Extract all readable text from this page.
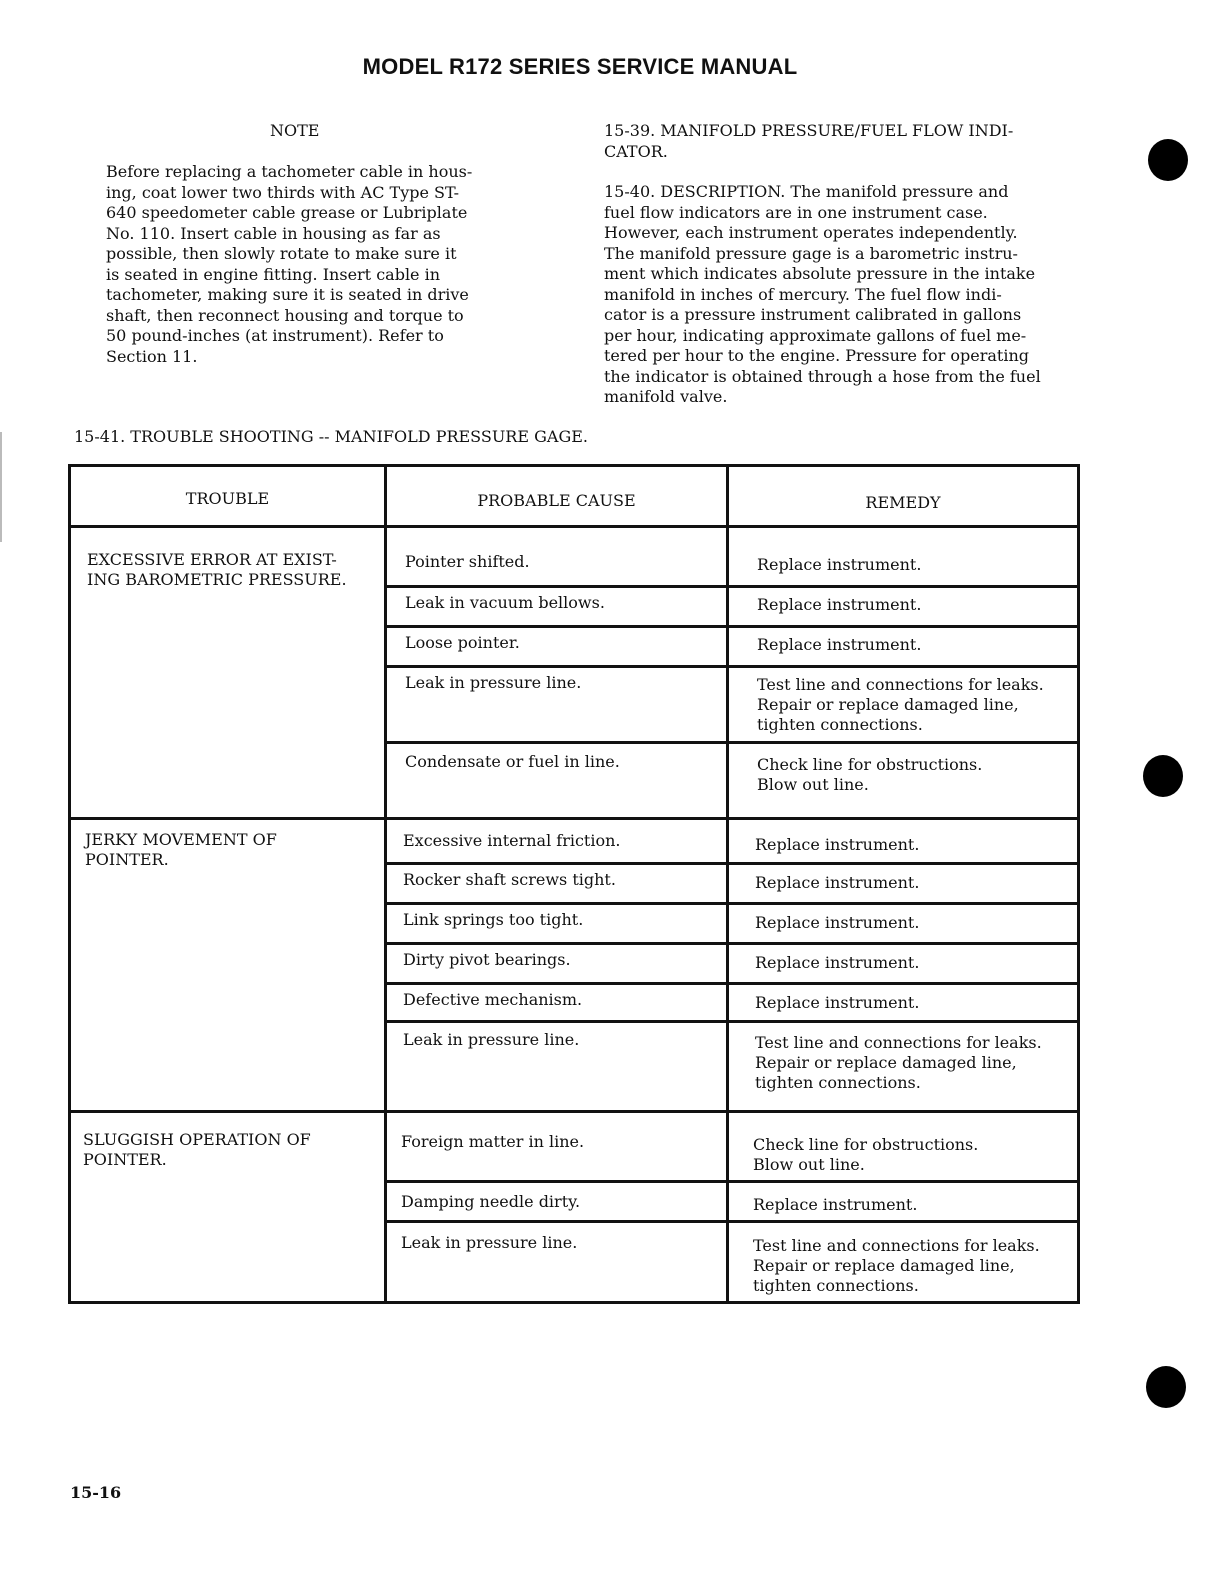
MODEL R172 SERIES SERVICE MANUAL
NOTE
Before replacing a tachometer cable in hous-
ing, coat lower two thirds with AC Type ST-
640 speedometer cable grease or Lubriplate
No. 110. Insert cable in housing as far as
possible, then slowly rotate to make sure it
is seated in engine fitting. Insert cable in
tachometer, making sure it is seated in drive
shaft, then reconnect housing and torque to
50 pound-inches (at instrument). Refer to
Section 11.
15-39. MANIFOLD PRESSURE/FUEL FLOW INDI-
CATOR.
15-40. DESCRIPTION. The manifold pressure and
fuel flow indicators are in one instrument case.
However, each instrument operates independently.
The manifold pressure gage is a barometric instru-
ment which indicates absolute pressure in the intake
manifold in inches of mercury. The fuel flow indi-
cator is a pressure instrument calibrated in gallons
per hour, indicating approximate gallons of fuel me-
tered per hour to the engine. Pressure for operating
the indicator is obtained through a hose from the fuel
manifold valve.
15-41. TROUBLE SHOOTING -- MANIFOLD PRESSURE GAGE.
TROUBLE	PROBABLE CAUSE	REMEDY
EXCESSIVE ERROR AT EXIST-
ING BAROMETRIC PRESSURE.
Pointer shifted.	Replace instrument.
Leak in vacuum bellows.	Replace instrument.
Loose pointer.	Replace instrument.
Leak in pressure line.	Test line and connections for leaks.
Repair or replace damaged line,
tighten connections.
Condensate or fuel in line.	Check line for obstructions.
Blow out line.
JERKY MOVEMENT OF
POINTER.
Excessive internal friction.	Replace instrument.
Rocker shaft screws tight.	Replace instrument.
Link springs too tight.	Replace instrument.
Dirty pivot bearings.	Replace instrument.
Defective mechanism.	Replace instrument.
Leak in pressure line.	Test line and connections for leaks.
Repair or replace damaged line,
tighten connections.
SLUGGISH OPERATION OF
POINTER.
Foreign matter in line.	Check line for obstructions.
Blow out line.
Damping needle dirty.	Replace instrument.
Leak in pressure line.	Test line and connections for leaks.
Repair or replace damaged line,
tighten connections.
15-16
